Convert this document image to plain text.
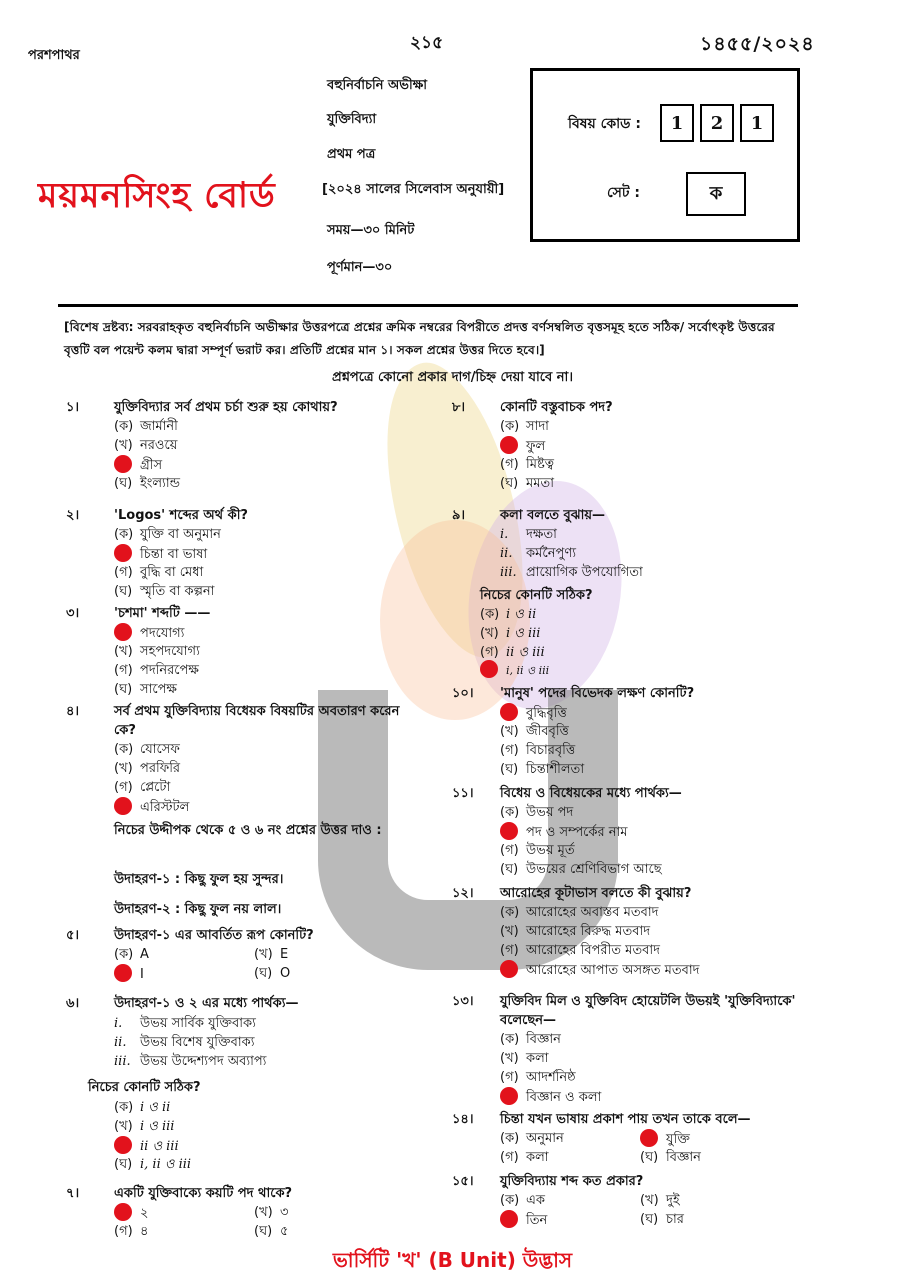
পরশপাথর
২১৫	১৪৫৫/২০২৪
বহুনির্বাচনি অভীক্ষা
যুক্তিবিদ্যা
প্রথম পত্র
[২০২৪ সালের সিলেবাস অনুযায়ী]
সময়—৩০ মিনিট
পূর্ণমান—৩০
ময়মনসিংহ বোর্ড
বিষয় কোড :	1	2	1
সেট :	ক
[বিশেষ দ্রষ্টব্য: সরবরাহকৃত বহুনির্বাচনি অভীক্ষার উত্তরপত্রে প্রশ্নের ক্রমিক নম্বরের বিপরীতে প্রদত্ত বর্ণসম্বলিত বৃত্তসমূহ হতে সঠিক/ সর্বোৎকৃষ্ট উত্তরের বৃত্তটি বল পয়েন্ট কলম দ্বারা সম্পূর্ণ ভরাট কর। প্রতিটি প্রশ্নের মান ১। সকল প্রশ্নের উত্তর দিতে হবে।]
প্রশ্নপত্রে কোনো প্রকার দাগ/চিহ্ন দেয়া যাবে না।
১।	যুক্তিবিদ্যার সর্ব প্রথম চর্চা শুরু হয় কোথায়?
(ক) জার্মানী
(খ) নরওয়ে
গ্রীস
(ঘ) ইংল্যান্ড
২।	'Logos' শব্দের অর্থ কী?
(ক) যুক্তি বা অনুমান
চিন্তা বা ভাষা
(গ) বুদ্ধি বা মেধা
(ঘ) স্মৃতি বা কল্পনা
৩।	'চশমা' শব্দটি ——
পদযোগ্য
(খ) সহপদযোগ্য
(গ) পদনিরপেক্ষ
(ঘ) সাপেক্ষ
৪।	সর্ব প্রথম যুক্তিবিদ্যায় বিধেয়ক বিষয়টির অবতারণ করেন কে?
(ক) যোসেফ
(খ) পরফিরি
(গ) প্লেটো
এরিস্টটল
নিচের উদ্দীপক থেকে ৫ ও ৬ নং প্রশ্নের উত্তর দাও :
উদাহরণ-১ : কিছু ফুল হয় সুন্দর।
উদাহরণ-২ : কিছু ফুল নয় লাল।
৫।	উদাহরণ-১ এর আবর্তিত রূপ কোনটি?
(ক) A	(খ) E
I	(ঘ) O
৬।	উদাহরণ-১ ও ২ এর মধ্যে পার্থক্য—
i. উভয় সার্বিক যুক্তিবাক্য
ii. উভয় বিশেষ যুক্তিবাক্য
iii. উভয় উদ্দেশ্যপদ অব্যাপ্য
নিচের কোনটি সঠিক?
(ক) i ও ii
(খ) i ও iii
ii ও iii
(ঘ) i, ii ও iii
৭।	একটি যুক্তিবাক্যে কয়টি পদ থাকে?
২	(খ) ৩
(গ) ৪	(ঘ) ৫
৮।	কোনটি বস্তুবাচক পদ?
(ক) সাদা
ফুল
(গ) মিষ্টত্ব
(ঘ) মমতা
৯।	কলা বলতে বুঝায়—
i. দক্ষতা
ii. কর্মনৈপুণ্য
iii. প্রায়োগিক উপযোগিতা
নিচের কোনটি সঠিক?
(ক) i ও ii
(খ) i ও iii
(গ) ii ও iii
i, ii ও iii
১০।	'মানুষ' পদের বিভেদক লক্ষণ কোনটি?
বুদ্ধিবৃত্তি
(খ) জীববৃত্তি
(গ) বিচারবৃত্তি
(ঘ) চিন্তাশীলতা
১১।	বিধেয় ও বিধেয়কের মধ্যে পার্থক্য—
(ক) উভয় পদ
পদ ও সম্পর্কের নাম
(গ) উভয় মূর্ত
(ঘ) উভয়ের শ্রেণিবিভাগ আছে
১২।	আরোহের কূটাভাস বলতে কী বুঝায়?
(ক) আরোহের অবাস্তব মতবাদ
(খ) আরোহের বিরুদ্ধ মতবাদ
(গ) আরোহের বিপরীত মতবাদ
আরোহের আপাত অসঙ্গত মতবাদ
১৩।	যুক্তিবিদ মিল ও যুক্তিবিদ হোয়েটলি উভয়ই 'যুক্তিবিদ্যাকে' বলেছেন—
(ক) বিজ্ঞান
(খ) কলা
(গ) আদর্শনিষ্ঠ
বিজ্ঞান ও কলা
১৪।	চিন্তা যখন ভাষায় প্রকাশ পায় তখন তাকে বলে—
(ক) অনুমান	যুক্তি
(গ) কলা	(ঘ) বিজ্ঞান
১৫।	যুক্তিবিদ্যায় শব্দ কত প্রকার?
(ক) এক	(খ) দুই
তিন	(ঘ) চার
ভার্সিটি 'খ' (B Unit) উদ্ভাস
